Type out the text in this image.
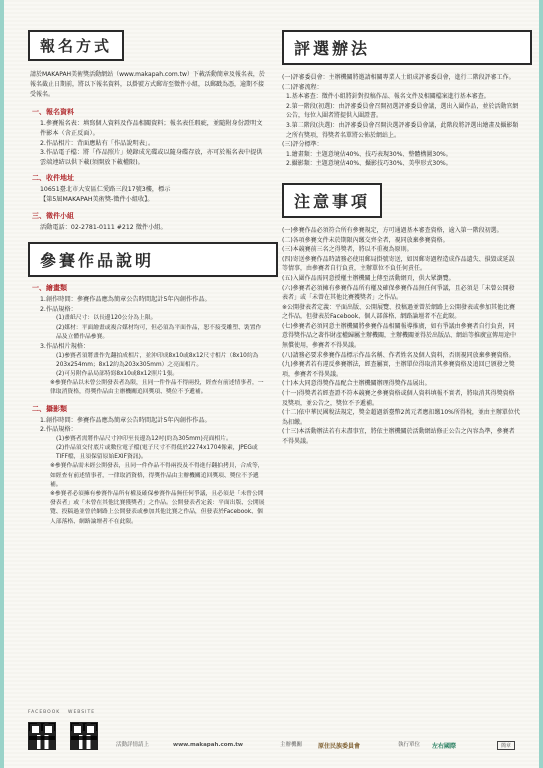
報名方式

請於MAKAPAH美術獎活動網站（www.makapah.com.tw）下載活動簡章及報名表，於報名截止日期前，將以下報名資料，以掛號方式郵寄至徵件小組，以郵戳為憑，逾期不接受報名。

一、報名資料
1.參賽報名表：填寫個人資料及作品相關資料；報名表任瑕疵，並隨附身份證明文件影本（含正反面）。
2.作品相片：背面應貼有「作品說明表」。
3.作品電子檔：將「作品照片」燒錄成光碟或以隨身碟存放，亦可於報名表中提供雲端連結以供下載(須開放下載權限)。
二、收件地址
10651臺北市大安區仁愛路三段17號3樓，標示
【第5屆MAKAPAH美術獎-徵件小組收】。
三、徵件小組
活動電話：02-2781-0111 #212 徵件小組。
參賽作品說明
一、繪畫類
1.創作時間：參賽作品應為簡章公告時間起計5年內創作作品。
2.作品規格：
(1)畫紙尺寸：以長邊120公分為上限。
(2)媒材：平面繪畫或複合媒材均可，但必須為平面作品，恕不接受雕塑、裝置作品及立體作品參賽。
3.作品相片規格：
(1)參賽者須將畫作先翻拍成相片，並沖印成8x10或8x12尺寸相片（8x10約為203x254mm；8x12約為203x305mm）之亮面相片。
(2)可另附作品局部特寫8x10或8x12照片1張。
※參賽作品以未曾公開發表者為限，且同一件作品不得兩投，經查有前述情事者，一律取消資格，得獎作品由主辦機關追回獎項、獎位不予遞補。
二、攝影類
1.創作時間：參賽作品應為簡章公告時間起計5年內創作作品。
2.作品規格：
(1)參賽者需將作品尺寸沖印至長邊為12吋(約為305mm)亮面相片。
(2)作品須交付底片或數位電子檔(電子尺寸不得低於2274x1704像素，JPEG或TIFF檔，且須保留原始EXIF資訊)。
※參賽作品需未經公開發表，且同一件作品不得兩投及不得進行翻拍拷貝，合成等，如經查有前述情事者，一律取消資格，得獎作品由主辦機關追回獎項、獎位不予遞補。
※參賽者必須擁有參賽作品所有權及確保參賽作品無任何爭議，且必須是「未曾公開發表者」或「未曾在其他比賽獲獎者」之作品。公開發表者定義：平面出版、公開展覽、投稿過並曾於網路上公開發表或參加其他比賽之作品，但發表於Facebook、個人部落格、網路論壇者不在此限。
評選辦法
(一)評審委員會：主辦機關將邀請相關專業人士組成評審委員會，進行二階段評審工作。
(二)評審流程：
1.基本審查：徵件小組將針對投稿作品、報名文件及相關檔案進行基本審查。
2.第一階段(初選)：由評審委員會召開初選評審委員會議，選出入圍作品，並於活動官網公告，每位入圍者將提供入圍證書。
3.第二階段(決選)：由評審委員會召開決選評審委員會議，此階段將評選出繪畫及攝影類之所有獎項，得獎者名單將公佈於網站上。
(三)評分標準：
1.繪畫類：主題意境佔40%、技巧表現30%、整體構圖30%。
2.攝影類：主題意境佔40%、攝影技巧30%、美學形式30%。
注意事項
(一)參賽作品必須符合所有參賽規定，方可通過基本審查資格，逾入第一階段初選。
(二)各項參賽文件未於期限內繳交齊全者，視同放棄參賽資格。
(三)本競賽前三名之得獎者，將以不重複為原則。
(四)寄送參賽作品時請務必使用郵局掛號寄送，如因郵寄過程造成作品遺失、損毀或延誤等情事，由參賽者自行負責，主辦單位不負任何責任。
(五)入圍作品需同意授權主辦機關上傳至活動網頁，供大眾瀏覽。
(六)參賽者必須擁有參賽作品所有權及確保參賽作品無任何爭議，且必須是「未曾公開發表者」或「未曾在其他比賽獲獎者」之作品。
※公開發表者定義：平面出版、公開展覽、投稿過並曾於網路上公開發表或參加其他比賽之作品，但發表於Facebook、個人部落格、網路論壇者不在此限。
(七)參賽者必須同意主辦機關將參賽作品相關報導推廣，如有爭議由參賽者自行負責，同意得獎作品之著作財產權歸屬主辦機關，主辦機關並得於出版品、網站等推廣宣傳用途中無償使用，參賽者不得異議。
(八)請務必要求參賽作品標示作品名稱、作者姓名及個人資料，否則視同放棄參賽資格。
(九)參賽者若有違反參賽辦法，經查屬實，主辦單位得取消其參賽資格及追回已頒發之獎項，參賽者不得異議。
(十)本大同意得獎作品配合主辦機關辦理得獎作品展出。
(十一)得獎者若經查證不符本競賽之參賽資格或個人資料填報不實者，將取消其得獎資格及獎項，並公告之，獎位不予遞補。
(十二)依中華民國稅法規定，獎金超過新臺幣2萬元者應扣繳10%所得稅，並由主辦單位代為扣繳。
(十三)本活動辦法若有未盡事宜，將依主辦機關於活動網站修正公告之內容為準，參賽者不得異議。
FACEBOOK WEBSITE
活動詳情請上	www.makapah.com.tw	主辦機關	原住民族委員會	執行單位 左右國際	簡章
